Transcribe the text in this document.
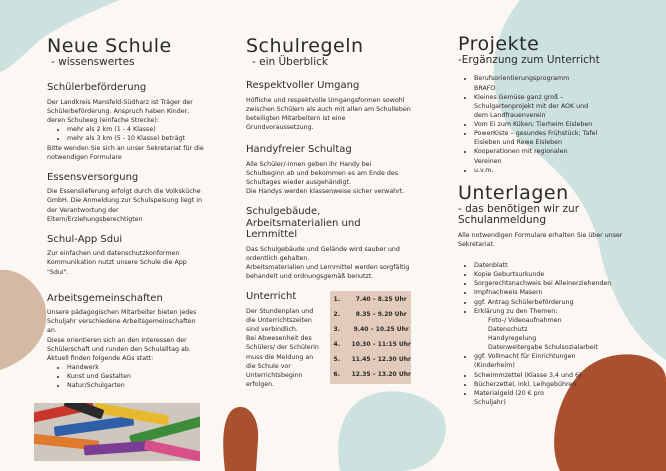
Neue Schule
- wissenswertes
Schülerbeförderung

Der Landkreis Mansfeld-Südharz ist Träger der Schülerbeförderung. Anspruch haben Kinder, deren Schulweg (einfache Strecke):

• mehr als 2 km (1 - 4 Klasse)
• mehr als 3 km (5 - 10 Klasse) beträgt

Bitte wenden Sie sich an unser Sekretariat für die notwendigen Formulare

Essensversorgung

Die Essenslieferung erfolgt durch die Volksküche GmbH. Die Anmeldung zur Schulspeisung liegt in der Verantwortung der Eltern/Erziehungsberechtigten

Schul-App Sdui

Zur einfachen und datenschutzkonformen Kommunikation nutzt unsere Schule die App "Sdui".

Arbeitsgemeinschaften

Unsere pädagogischen Mitarbeiter bieten jedes Schuljahr verschiedene Arbeitsgemeinschaften an.

Diese orientieren sich an den Interessen der Schülerschaft und runden den Schulalltag ab.

Aktuell finden folgende AGs statt:

• Handwerk
• Kunst und Gestalten
• Natur/Schulgarten
Schulregeln
- ein Überblick
Respektvoller Umgang

Höfliche und respektvolle Umgangsformen sowohl zwischen Schülern als auch mit allen am Schulleben beteiligten Mitarbeitern ist eine Grundvoraussetzung.

Handyfreier Schultag

Alle Schüler/-innen geben ihr Handy bei Schulbeginn ab und bekommen es am Ende des Schultages wieder ausgehändigt.

Die Handys werden klassenweise sicher verwahrt.

Schulgebäude, Arbeitsmaterialien und Lernmittel

Das Schulgebäude und Gelände wird sauber und ordentlich gehalten.

Arbeitsmaterialien und Lernmittel werden sorgfältig behandelt und ordnungsgemäß benutzt.

Unterricht

Der Stundenplan und die Unterrichtszeiten sind verbindlich.

Bei Abwesenheit des Schülers/ der Schülerin muss die Meldung an die Schule vor Unterrichtsbeginn erfolgen.

1.	7.40 – 8.25 Uhr
2.	8.35 – 9.20 Uhr
3.	9.40 – 10.25 Uhr
4.	10.30 – 11:15 Uhr
5.	11.45 – 12.30 Uhr
6.	12.35 – 13.20 Uhr
Projekte
-Ergänzung zum Unterricht
• Berufsorientierungsprogramm BRAFO
• Kleines Gemüse ganz groß – Schulgartenprojekt mit der AOK und dem Landfrauenverein
• Vom Ei zum Küken; Tierheim Eisleben
• PowerKiste – gesundes Frühstück; Tafel Eisleben und Rewe Eisleben
• Kooperationen mit regionalen Vereinen
• u.v.m.
Unterlagen
- das benötigen wir zur Schulanmeldung

Alle notwendigen Formulare erhalten Sie über unser Sekretariat.

• Datenblatt
• Kopie Geburtsurkunde
• Sorgerechtsnachweis bei Alleinerziehenden
• Impfnachweis Masern
• ggf. Antrag Schülerbeförderung
• Erklärung zu den Themen:
Foto-/ Videoaufnahmen
Datenschutz
Handyregelung
Datenweitergabe Schulsozialarbeit
• ggf. Vollmacht für Einrichtungen (Kinderheim)
• Schwimmzettel (Klasse 3,4 und 6)
• Bücherzettel, inkl. Leihgebühren
• Materialgeld (20 € pro Schuljahr)
